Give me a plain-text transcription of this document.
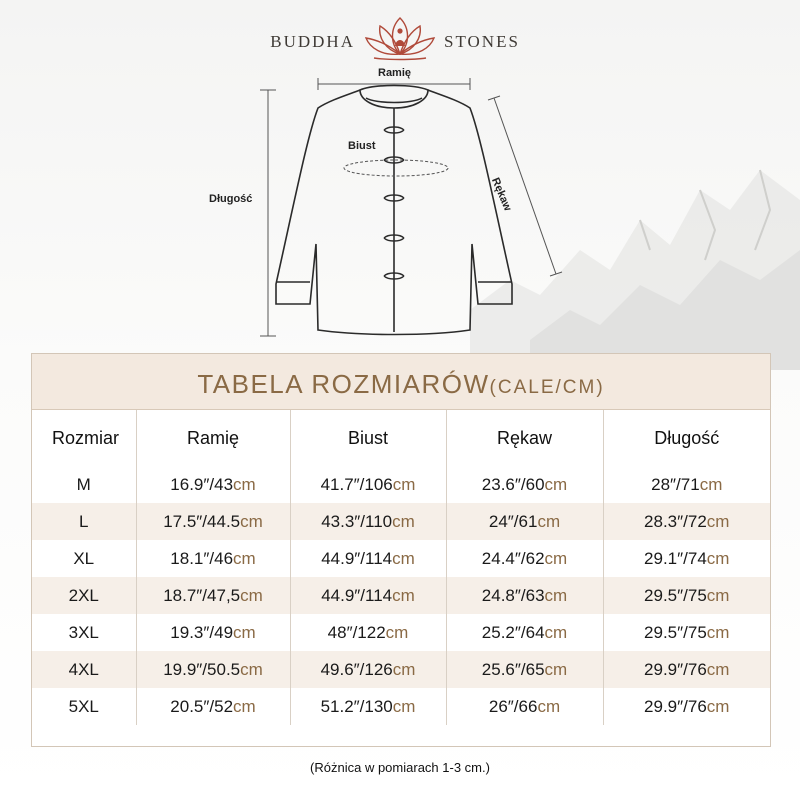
BUDDHA	STONES
Ramię
Biust
Długość	Rękaw
TABELA ROZMIARÓW(CALE/CM)
Rozmiar	Ramię	Biust	Rękaw	Długość
M	16.9″/43cm	41.7″/106cm	23.6″/60cm	28″/71cm
L	17.5″/44.5cm	43.3″/110cm	24″/61cm	28.3″/72cm
XL	18.1″/46cm	44.9″/114cm	24.4″/62cm	29.1″/74cm
2XL	18.7″/47,5cm	44.9″/114cm	24.8″/63cm	29.5″/75cm
3XL	19.3″/49cm	48″/122cm	25.2″/64cm	29.5″/75cm
4XL	19.9″/50.5cm	49.6″/126cm	25.6″/65cm	29.9″/76cm
5XL	20.5″/52cm	51.2″/130cm	26″/66cm	29.9″/76cm
(Różnica w pomiarach 1-3 cm.)
